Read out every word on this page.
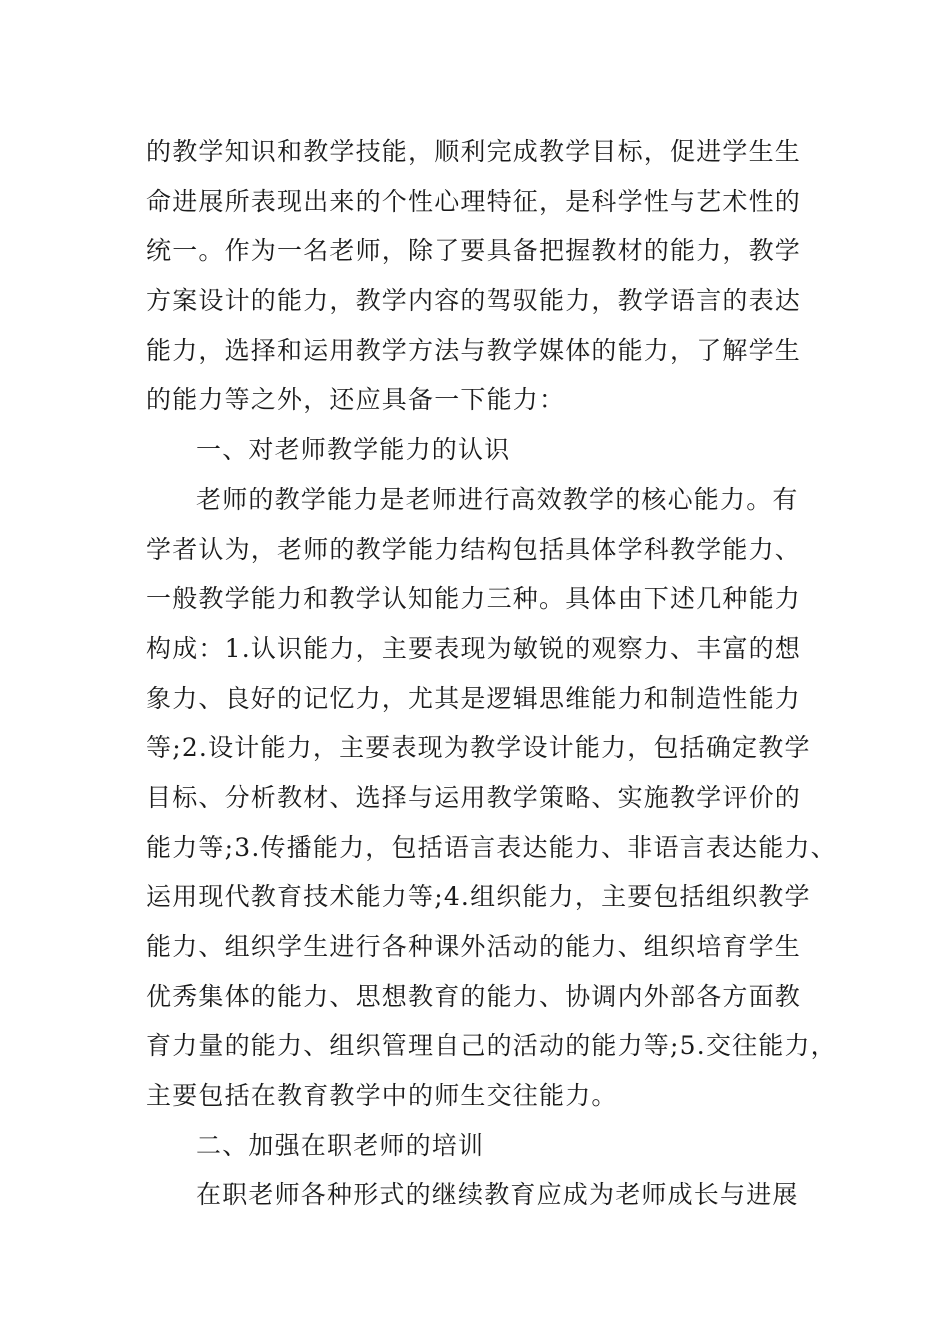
的教学知识和教学技能，顺利完成教学目标，促进学生生
命进展所表现出来的个性心理特征，是科学性与艺术性的
统一。作为一名老师，除了要具备把握教材的能力，教学
方案设计的能力，教学内容的驾驭能力，教学语言的表达
能力，选择和运用教学方法与教学媒体的能力，了解学生
的能力等之外，还应具备一下能力：
一、对老师教学能力的认识
老师的教学能力是老师进行高效教学的核心能力。有
学者认为，老师的教学能力结构包括具体学科教学能力、
一般教学能力和教学认知能力三种。具体由下述几种能力
构成：1.认识能力，主要表现为敏锐的观察力、丰富的想
象力、良好的记忆力，尤其是逻辑思维能力和制造性能力
等;2.设计能力，主要表现为教学设计能力，包括确定教学
目标、分析教材、选择与运用教学策略、实施教学评价的
能力等;3.传播能力，包括语言表达能力、非语言表达能力、
运用现代教育技术能力等;4.组织能力，主要包括组织教学
能力、组织学生进行各种课外活动的能力、组织培育学生
优秀集体的能力、思想教育的能力、协调内外部各方面教
育力量的能力、组织管理自己的活动的能力等;5.交往能力，
主要包括在教育教学中的师生交往能力。
二、加强在职老师的培训
在职老师各种形式的继续教育应成为老师成长与进展
